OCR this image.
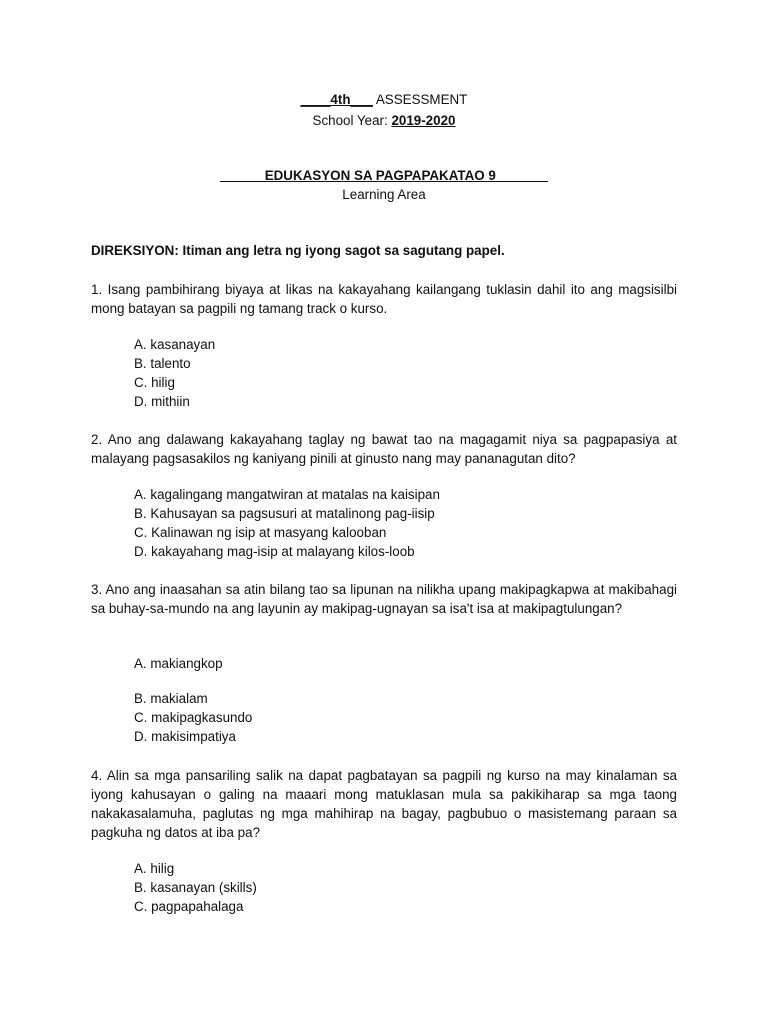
____4th___ ASSESSMENT
School Year: 2019-2020
______EDUKASYON SA PAGPAPAKATAO 9_______
Learning Area
DIREKSIYON: Itiman ang letra ng iyong sagot sa sagutang papel.
1. Isang pambihirang biyaya at likas na kakayahang kailangang tuklasin dahil ito ang magsisilbi mong batayan sa pagpili ng tamang track o kurso.
A. kasanayan
B. talento
C. hilig
D. mithiin
2. Ano ang dalawang kakayahang taglay ng bawat tao na magagamit niya sa pagpapasiya at malayang pagsasakilos ng kaniyang pinili at ginusto nang may pananagutan dito?
A. kagalingang mangatwiran at matalas na kaisipan
B. Kahusayan sa pagsusuri at matalinong pag-iisip
C. Kalinawan ng isip at masyang kalooban
D. kakayahang mag-isip at malayang kilos-loob
3. Ano ang inaasahan sa atin bilang tao sa lipunan na nilikha upang makipagkapwa at makibahagi sa buhay-sa-mundo na ang layunin ay makipag-ugnayan sa isa't isa at makipagtulungan?
A. makiangkop
B. makialam
C. makipagkasundo
D. makisimpatiya
4. Alin sa mga pansariling salik na dapat pagbatayan sa pagpili ng kurso na may kinalaman sa iyong kahusayan o galing na maaari mong matuklasan mula sa pakikiharap sa mga taong nakakasalamuha, paglutas ng mga mahihirap na bagay, pagbubuo o masistemang paraan sa pagkuha ng datos at iba pa?
A. hilig
B. kasanayan (skills)
C. pagpapahalaga
